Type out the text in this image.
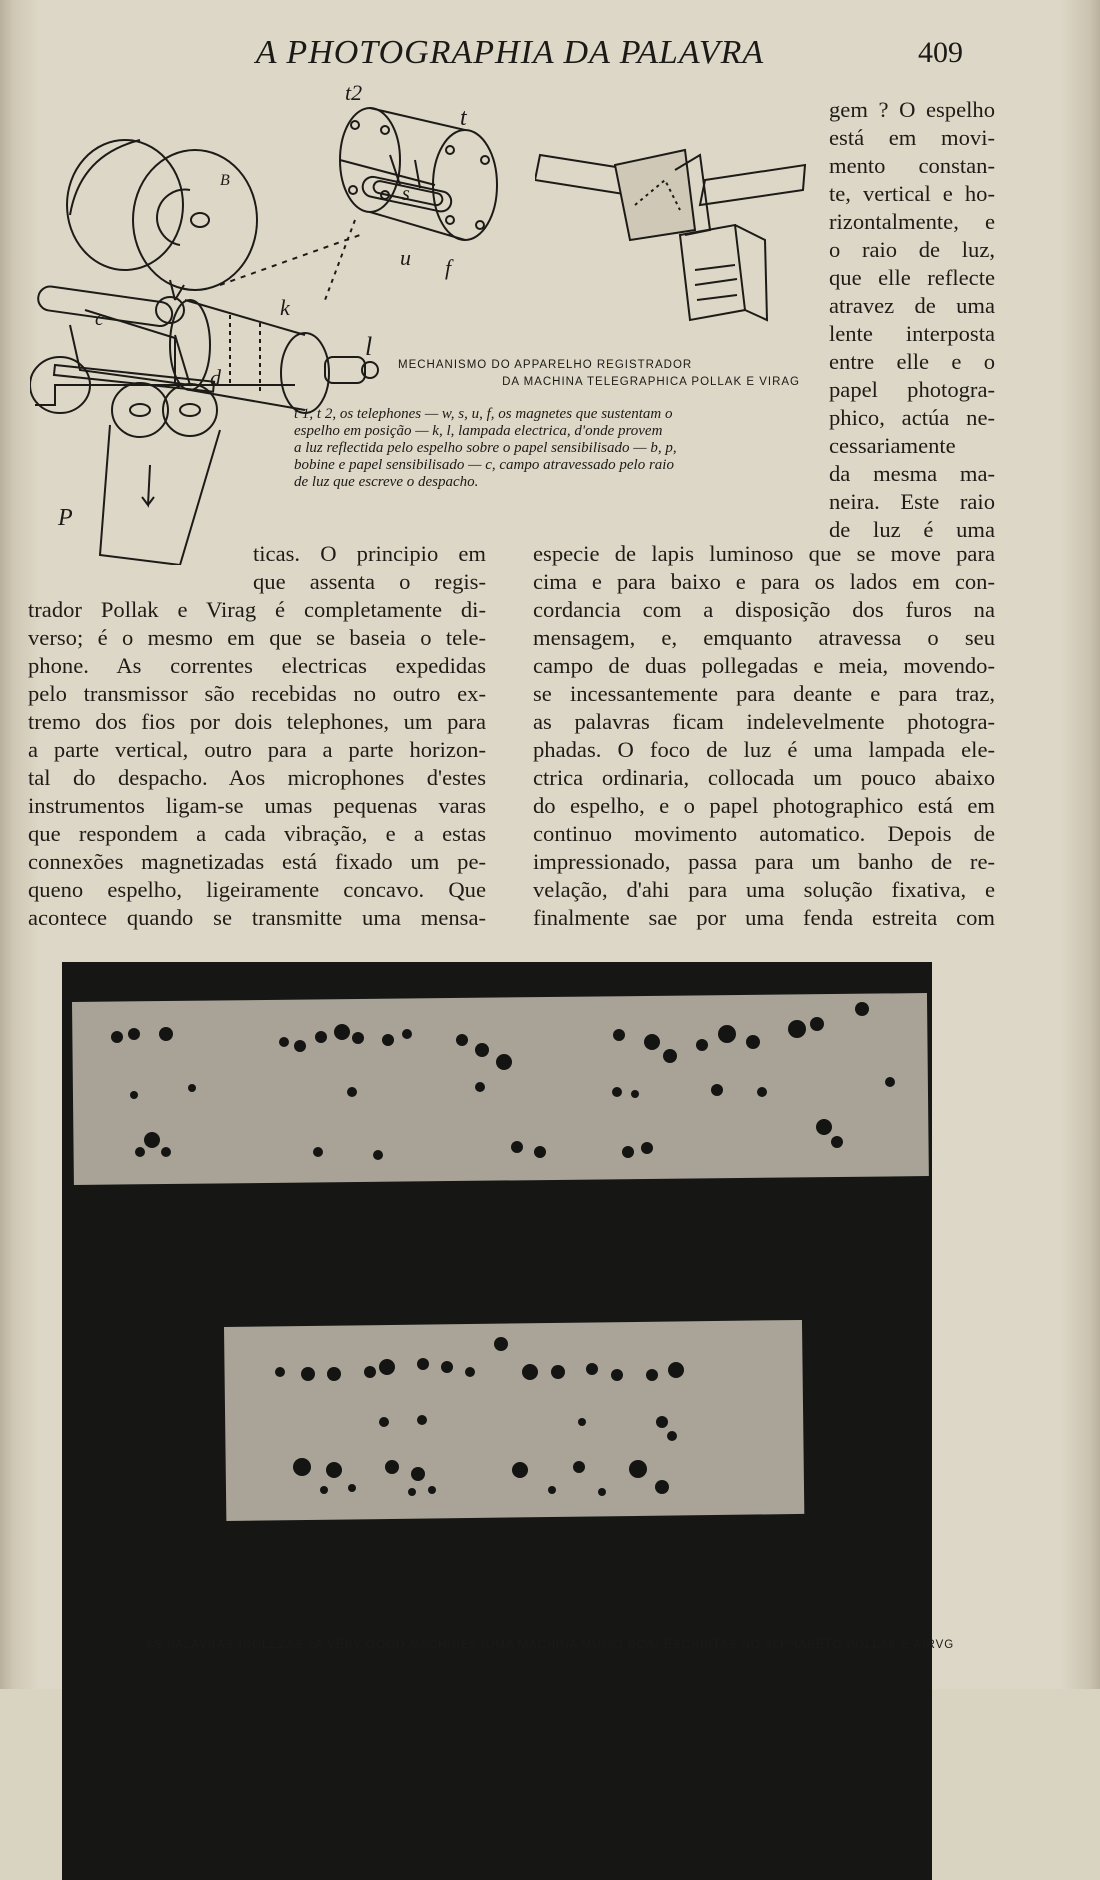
A PHOTOGRAPHIA DA PALAVRA	409
B
c
d
P
k
l
t2
t
s
u f
MECHANISMO DO APPARELHO REGISTRADOR
DA MACHINA TELEGRAPHICA POLLAK E VIRAG
t 1, t 2, os telephones — w, s, u, f, os magnetes que sustentam o
espelho em posição — k, l, lampada electrica, d'onde provem
a luz reflectida pelo espelho sobre o papel sensibilisado — b, p,
bobine e papel sensibilisado — c, campo atravessado pelo raio
de luz que escreve o despacho.
gem ? O espelho
está em movi-
mento constan-
te, vertical e ho-
rizontalmente, e
o raio de luz,
que elle reflecte
atravez de uma
lente interposta
entre elle e o
papel photogra-
phico, actúa ne-
cessariamente
da mesma ma-
neira. Este raio
de luz é uma
ticas. O principio em
que assenta o regis-
trador Pollak e Virag é completamente di-
verso; é o mesmo em que se baseia o tele-
phone. As correntes electricas expedidas
pelo transmissor são recebidas no outro ex-
tremo dos fios por dois telephones, um para
a parte vertical, outro para a parte horizon-
tal do despacho. Aos microphones d'estes
instrumentos ligam-se umas pequenas varas
que respondem a cada vibração, e a estas
connexões magnetizadas está fixado um pe-
queno espelho, ligeiramente concavo. Que
acontece quando se transmitte uma mensa-
especie de lapis luminoso que se move para
cima e para baixo e para os lados em con-
cordancia com a disposição dos furos na
mensagem, e, emquanto atravessa o seu
campo de duas pollegadas e meia, movendo-
se incessantemente para deante e para traz,
as palavras ficam indelevelmente photogra-
phadas. O foco de luz é uma lampada ele-
ctrica ordinaria, collocada um pouco abaixo
do espelho, e o papel photographico está em
continuo movimento automatico. Depois de
impressionado, passa para um banho de re-
velação, d'ahi para uma solução fixativa, e
finalmente sae por uma fenda estreita com
AS PALAVRAS INGLEZAS «A VERY GOOD MACHINE» (UMA MACHINA MUITO BOA) ESCRIPTAS NO ALPHABETO POLLAK E AIRVG
